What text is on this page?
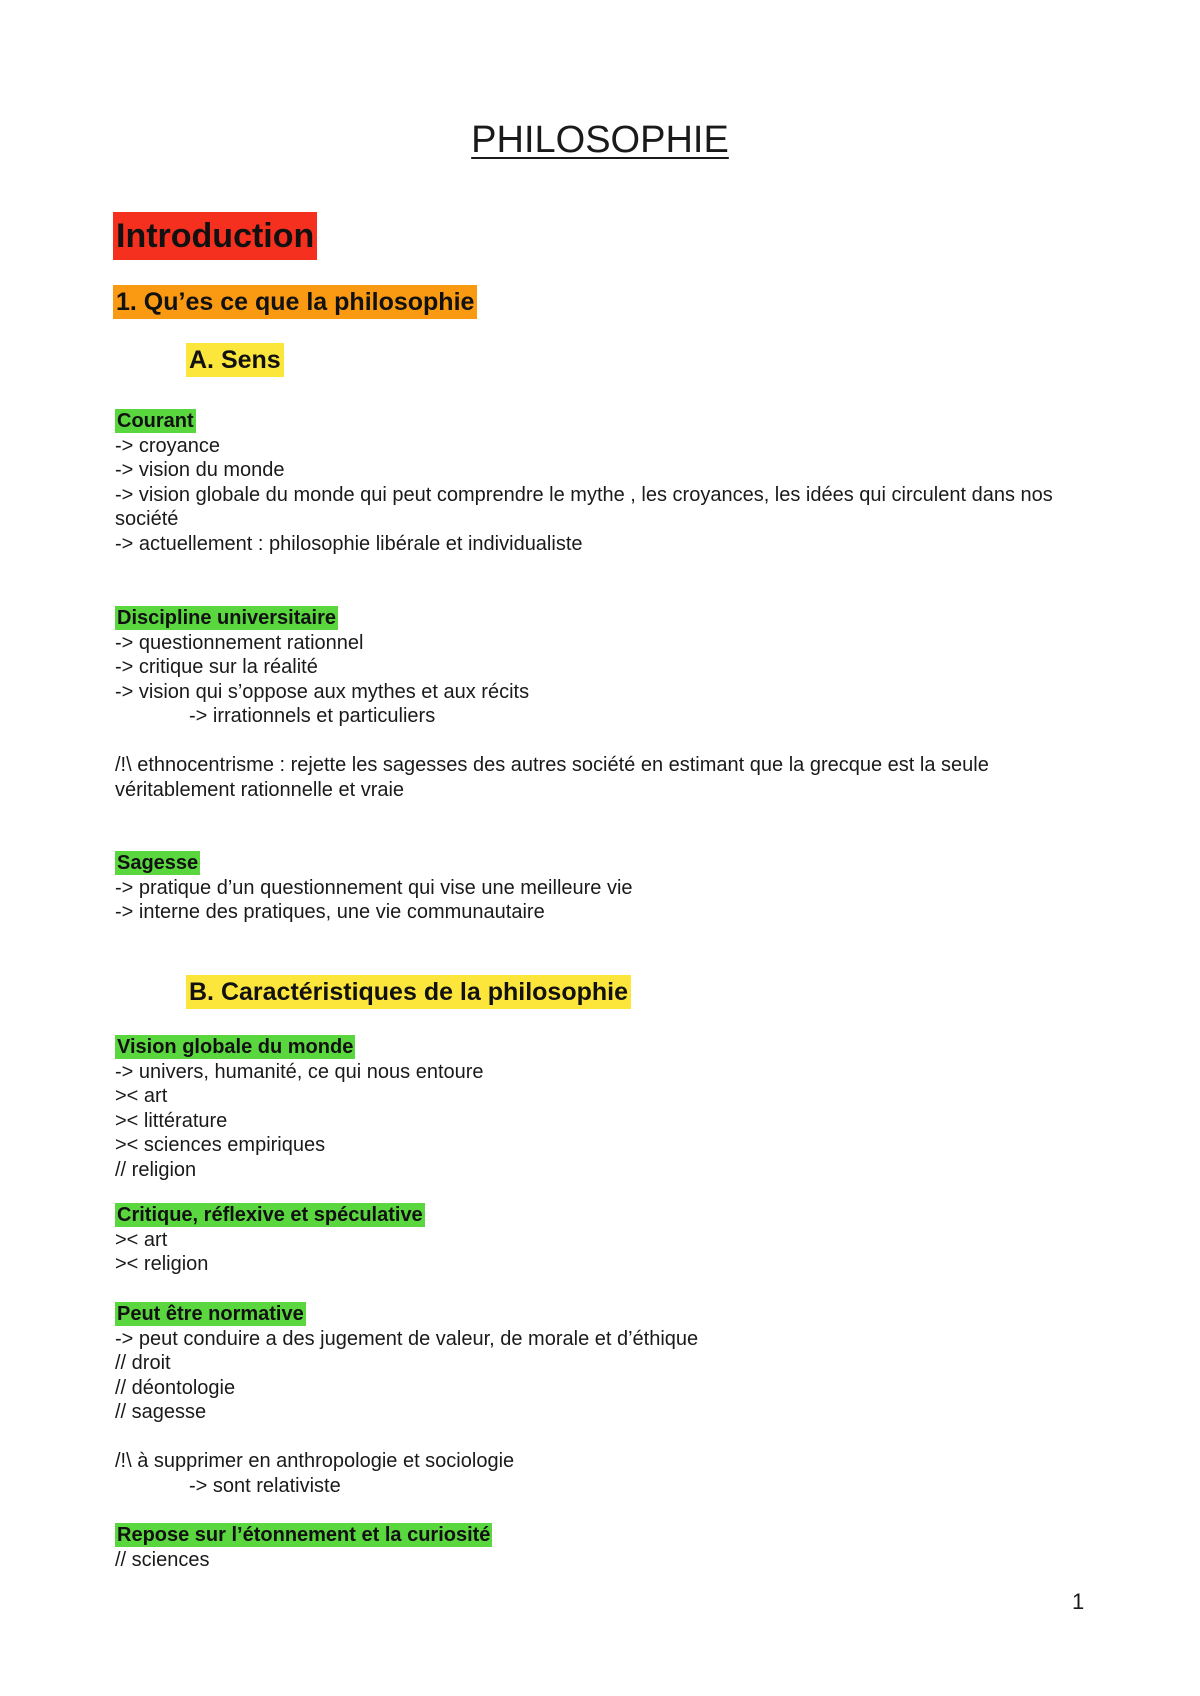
PHILOSOPHIE
Introduction
1. Qu’es ce que la philosophie
A. Sens
Courant
-> croyance
-> vision du monde
-> vision globale du monde qui peut comprendre le mythe , les croyances, les idées qui circulent dans nos société
-> actuellement : philosophie libérale et individualiste
Discipline universitaire
-> questionnement rationnel
-> critique sur la réalité
-> vision qui s’oppose aux mythes et aux récits
-> irrationnels et particuliers
/!\ ethnocentrisme : rejette les sagesses des autres société en estimant que la grecque est la seule véritablement rationnelle et vraie
Sagesse
-> pratique d’un questionnement qui vise une meilleure vie
-> interne des pratiques, une vie communautaire
B. Caractéristiques de la philosophie
Vision globale du monde
-> univers, humanité, ce qui nous entoure
>< art
>< littérature
>< sciences empiriques
// religion
Critique, réflexive et spéculative
>< art
>< religion
Peut être normative
-> peut conduire a des jugement de valeur, de morale et d’éthique
// droit
// déontologie
// sagesse
/!\ à supprimer en anthropologie et sociologie
-> sont relativiste
Repose sur l’étonnement et la curiosité
// sciences
1
